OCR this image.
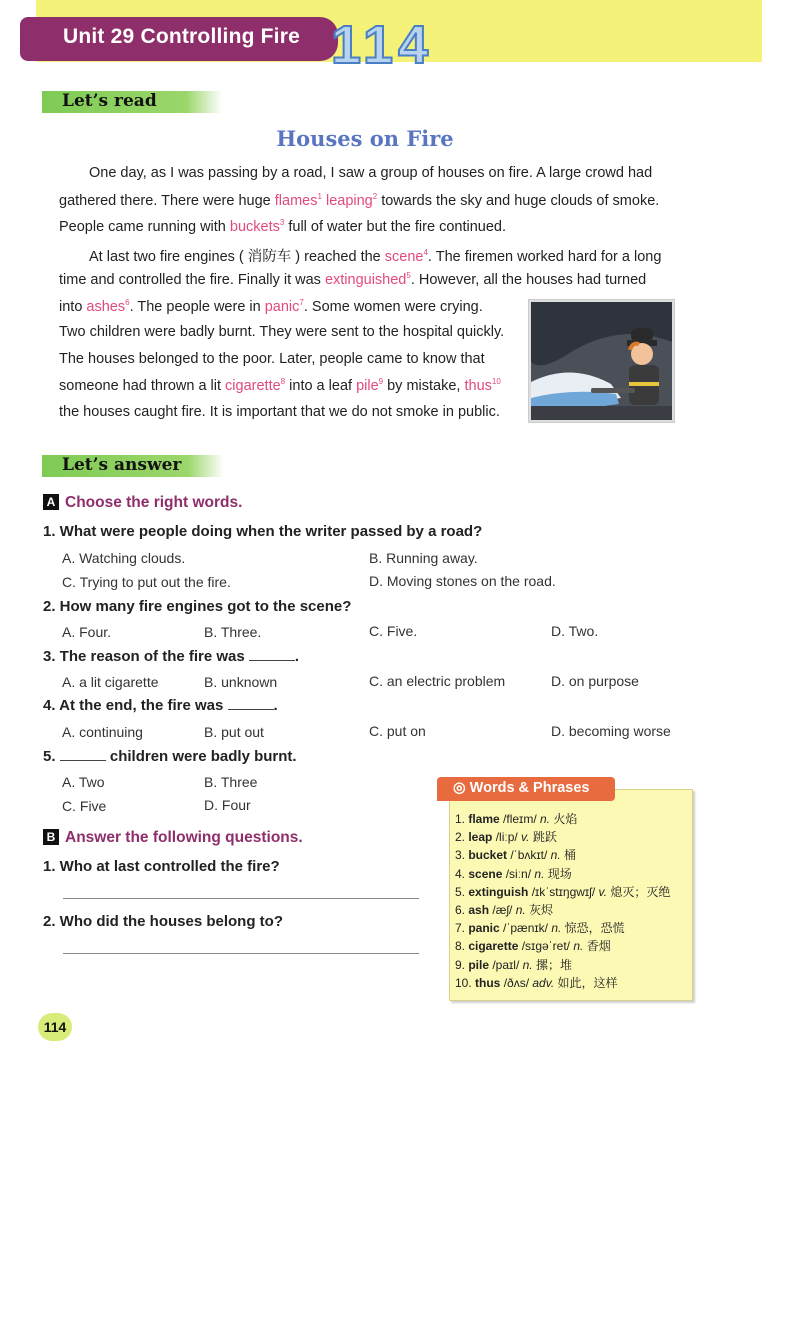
Unit 29 Controlling Fire 114
Let’s read
Houses on Fire
One day, as I was passing by a road, I saw a group of houses on fire. A large crowd had
gathered there. There were huge flames$^1$ leaping$^2$ towards the sky and huge clouds of smoke.
People came running with buckets$^3$ full of water but the fire continued.
At last two fire engines ( 消防车 ) reached the scene$^4$. The firemen worked hard for a long
time and controlled the fire. Finally it was extinguished$^5$. However, all the houses had turned
into ashes$^6$. The people were in panic$^7$. Some women were crying.
Two children were badly burnt. They were sent to the hospital quickly.
The houses belonged to the poor. Later, people came to know that
someone had thrown a lit cigarette$^8$ into a leaf pile$^9$ by mistake, thus$^{10}$
the houses caught fire. It is important that we do not smoke in public.
Let’s answer
A Choose the right words.
1. What were people doing when the writer passed by a road?
A. Watching clouds.	B. Running away.
C. Trying to put out the fire.	D. Moving stones on the road.
2. How many fire engines got to the scene?
A. Four.	B. Three.	C. Five.	D. Two.
3. The reason of the fire was	.
A. a lit cigarette	B. unknown	C. an electric problem	D. on purpose
4. At the end, the fire was	.
A. continuing	B. put out	C. put on	D. becoming worse
5.	children were badly burnt.
A. Two	B. Three
C. Five	D. Four
B Answer the following questions.
1. Who at last controlled the fire?
2. Who did the houses belong to?
1. flame /fleɪm/ n. 火焰
2. leap /liːp/ v. 跳跃
3. bucket /ˈbʌkɪt/ n. 桶
4. scene /siːn/ n. 现场
5. extinguish /ɪkˈstɪŋɡwɪʃ/ v. 熄灭；灭绝
6. ash /æʃ/ n. 灰烬
7. panic /ˈpænɪk/ n. 惊恐，恐慌
8. cigarette /sɪɡəˈret/ n. 香烟
9. pile /paɪl/ n. 摞；堆
10. thus /ðʌs/ adv. 如此，这样
◎ Words & Phrases
114
